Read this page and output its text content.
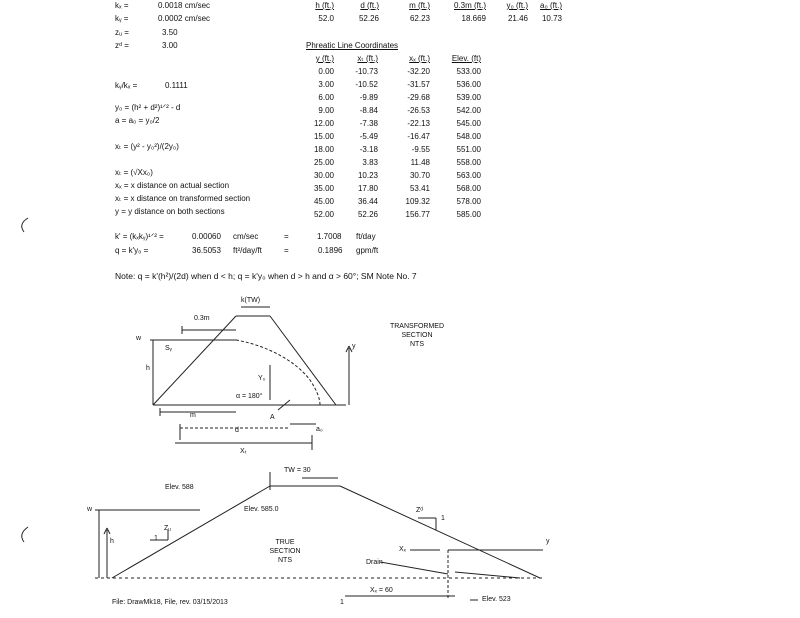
kₓ =	0.0018 cm/sec
kᵧ =	0.0002 cm/sec
zᵤ =	3.50
zᵈ =	3.00
kᵧ/kₓ =	0.1111
h (ft.)	d (ft.)	m (ft.)	0.3m (ft.)	y₀ (ft.)	a₀ (ft.)
52.0	52.26	62.23	18.669	21.46	10.73
y₀ = (h² + d²)¹ᐟ² - d
a = a₀ = y₀/2
xₜ = (y² - y₀²)/(2y₀)
xₜ = (√Xx₀)
xₓ = x distance on actual section
xₜ = x distance on transformed section
y = y distance on both sections
Phreatic Line Coordinates
y (ft.)	xₜ (ft.)	xₓ (ft.)	Elev. (ft)
0.00	-10.73	-32.20	533.00
3.00	-10.52	-31.57	536.00
6.00	-9.89	-29.68	539.00
9.00	-8.84	-26.53	542.00
12.00	-7.38	-22.13	545.00
15.00	-5.49	-16.47	548.00
18.00	-3.18	-9.55	551.00
25.00	3.83	11.48	558.00
30.00	10.23	30.70	563.00
35.00	17.80	53.41	568.00
45.00	36.44	109.32	578.00
52.00	52.26	156.77	585.00
k' = (kₓkᵧ)¹ᐟ² =	0.00060 cm/sec	=	1.7008 ft/day
q = k'y₀ =	36.5053 ft²/day/ft	=	0.1896 gpm/ft
Note: q = k'(h²)/(2d) when d < h; q = k'y₀ when d > h and α > 60°; SM Note No. 7
k(TW)
0.3m
w
Sᵧ
h
Y₀
α = 180°
A
y
m
d	a₀
Xₜ
TRANSFORMED
SECTION
NTS
TW = 30
Elev. 588
Elev. 585.0
w
h
Zᵤ
1
Zᵈ
1
Xₓ
y
Drain
Xₓ = 60
Elev. 523
TRUE
SECTION
NTS
File: DrawMk18, File, rev. 03/15/2013	1
